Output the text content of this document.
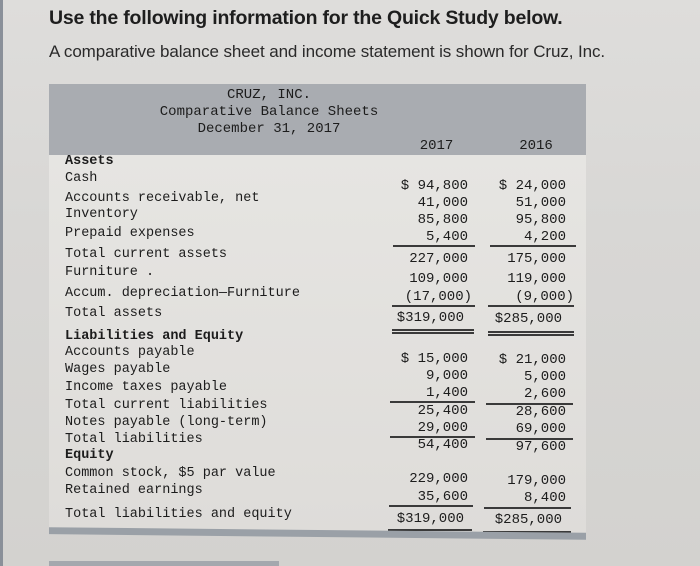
Use the following information for the Quick Study below.
A comparative balance sheet and income statement is shown for Cruz, Inc.
CRUZ, INC.
Comparative Balance Sheets
December 31, 2017
2017	2016
Assets
Cash	$ 94,800	$ 24,000
Accounts receivable, net	41,000	51,000
Inventory	85,800	95,800
Prepaid expenses	5,400	4,200
Total current assets	227,000	175,000
Furniture .	109,000	119,000
Accum. depreciation—Furniture	(17,000)	(9,000)
Total assets	$319,000	$285,000
Liabilities and Equity
Accounts payable	$ 15,000	$ 21,000
Wages payable	9,000	5,000
Income taxes payable	1,400	2,600
Total current liabilities	25,400	28,600
Notes payable (long-term)	29,000	69,000
Total liabilities	54,400	97,600
Equity
Common stock, $5 par value	229,000	179,000
Retained earnings	35,600	8,400
Total liabilities and equity	$319,000	$285,000
